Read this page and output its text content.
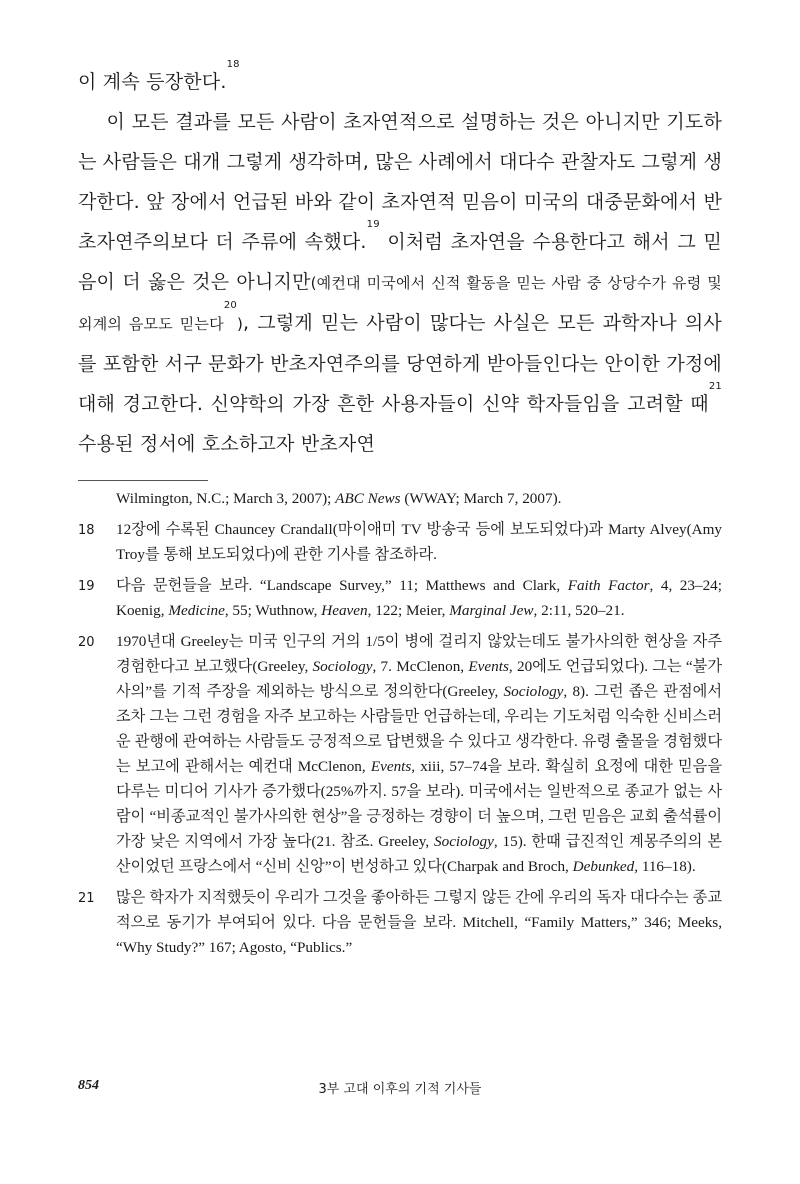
이 계속 등장한다.$^{18}$

이 모든 결과를 모든 사람이 초자연적으로 설명하는 것은 아니지만 기도하는 사람들은 대개 그렇게 생각하며, 많은 사례에서 대다수 관찰자도 그렇게 생각한다. 앞 장에서 언급된 바와 같이 초자연적 믿음이 미국의 대중문화에서 반초자연주의보다 더 주류에 속했다.$^{19}$ 이처럼 초자연을 수용한다고 해서 그 믿음이 더 옳은 것은 아니지만(예컨대 미국에서 신적 활동을 믿는 사람 중 상당수가 유령 및 외계의 음모도 믿는다$^{20}$), 그렇게 믿는 사람이 많다는 사실은 모든 과학자나 의사를 포함한 서구 문화가 반초자연주의를 당연하게 받아들인다는 안이한 가정에 대해 경고한다. 신약학의 가장 흔한 사용자들이 신약 학자들임을 고려할 때$^{21}$ 수용된 정서에 호소하고자 반초자연

Wilmington, N.C.; March 3, 2007); ABC News (WWAY; March 7, 2007).
18	12장에 수록된 Chauncey Crandall(마이애미 TV 방송국 등에 보도되었다)과 Marty Alvey(Amy Troy를 통해 보도되었다)에 관한 기사를 참조하라.
19	다음 문헌들을 보라. “Landscape Survey,” 11; Matthews and Clark, Faith Factor, 4, 23–24; Koenig, Medicine, 55; Wuthnow, Heaven, 122; Meier, Marginal Jew, 2:11, 520–21.
20	1970년대 Greeley는 미국 인구의 거의 1/5이 병에 걸리지 않았는데도 불가사의한 현상을 자주 경험한다고 보고했다(Greeley, Sociology, 7. McClenon, Events, 20에도 언급되었다). 그는 “불가사의”를 기적 주장을 제외하는 방식으로 정의한다(Greeley, Sociology, 8). 그런 좁은 관점에서조차 그는 그런 경험을 자주 보고하는 사람들만 언급하는데, 우리는 기도처럼 익숙한 신비스러운 관행에 관여하는 사람들도 긍정적으로 답변했을 수 있다고 생각한다. 유령 출몰을 경험했다는 보고에 관해서는 예컨대 McClenon, Events, xiii, 57–74을 보라. 확실히 요정에 대한 믿음을 다루는 미디어 기사가 증가했다(25%까지. 57을 보라). 미국에서는 일반적으로 종교가 없는 사람이 “비종교적인 불가사의한 현상”을 긍정하는 경향이 더 높으며, 그런 믿음은 교회 출석률이 가장 낮은 지역에서 가장 높다(21. 참조. Greeley, Sociology, 15). 한때 급진적인 계몽주의의 본산이었던 프랑스에서 “신비 신앙”이 번성하고 있다(Charpak and Broch, Debunked, 116–18).
21	많은 학자가 지적했듯이 우리가 그것을 좋아하든 그렇지 않든 간에 우리의 독자 대다수는 종교적으로 동기가 부여되어 있다. 다음 문헌들을 보라. Mitchell, “Family Matters,” 346; Meeks, “Why Study?” 167; Agosto, “Publics.”
854	3부 고대 이후의 기적 기사들
